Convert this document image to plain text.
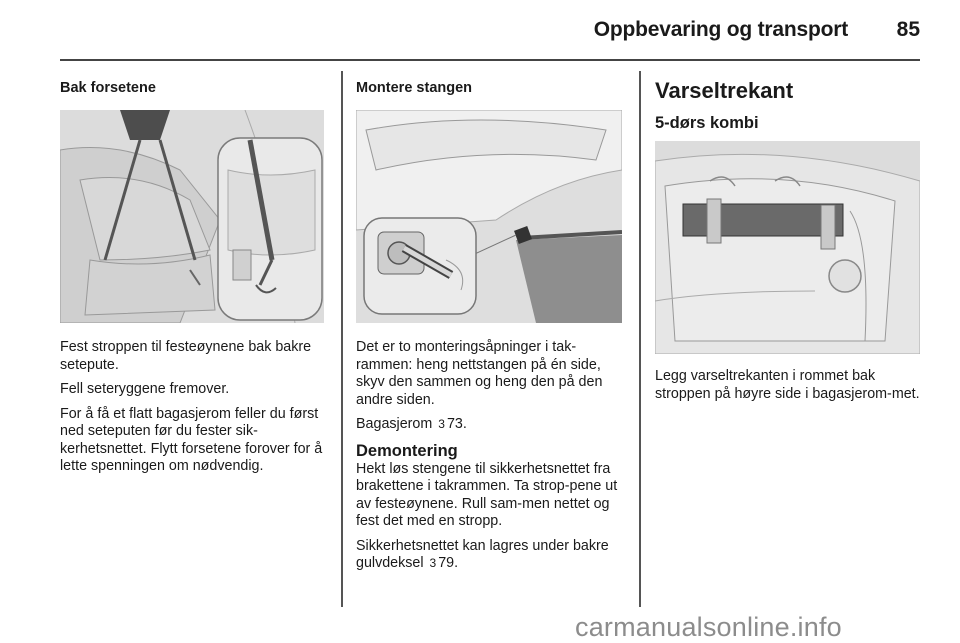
Oppbevaring og transport 85
Bak forsetene

Fest stroppen til festeøynene bak bakre setepute.

Fell seteryggene fremover.

For å få et flatt bagasjerom feller du først ned seteputen før du fester sik-kerhetsnettet. Flytt forsetene forover for å lette spenningen om nødvendig.

Montere stangen

Det er to monteringsåpninger i tak-rammen: heng nettstangen på én side, skyv den sammen og heng den på den andre siden.

Bagasjerom 3 73.

Demontering

Hekt løs stengene til sikkerhetsnettet fra brakettene i takrammen. Ta strop-pene ut av festeøynene. Rull sam-men nettet og fest det med en stropp.

Sikkerhetsnettet kan lagres under bakre gulvdeksel 3 79.

Varseltrekant
5-dørs kombi

Legg varseltrekanten i rommet bak stroppen på høyre side i bagasjerom-met.

carmanualsonline.info
